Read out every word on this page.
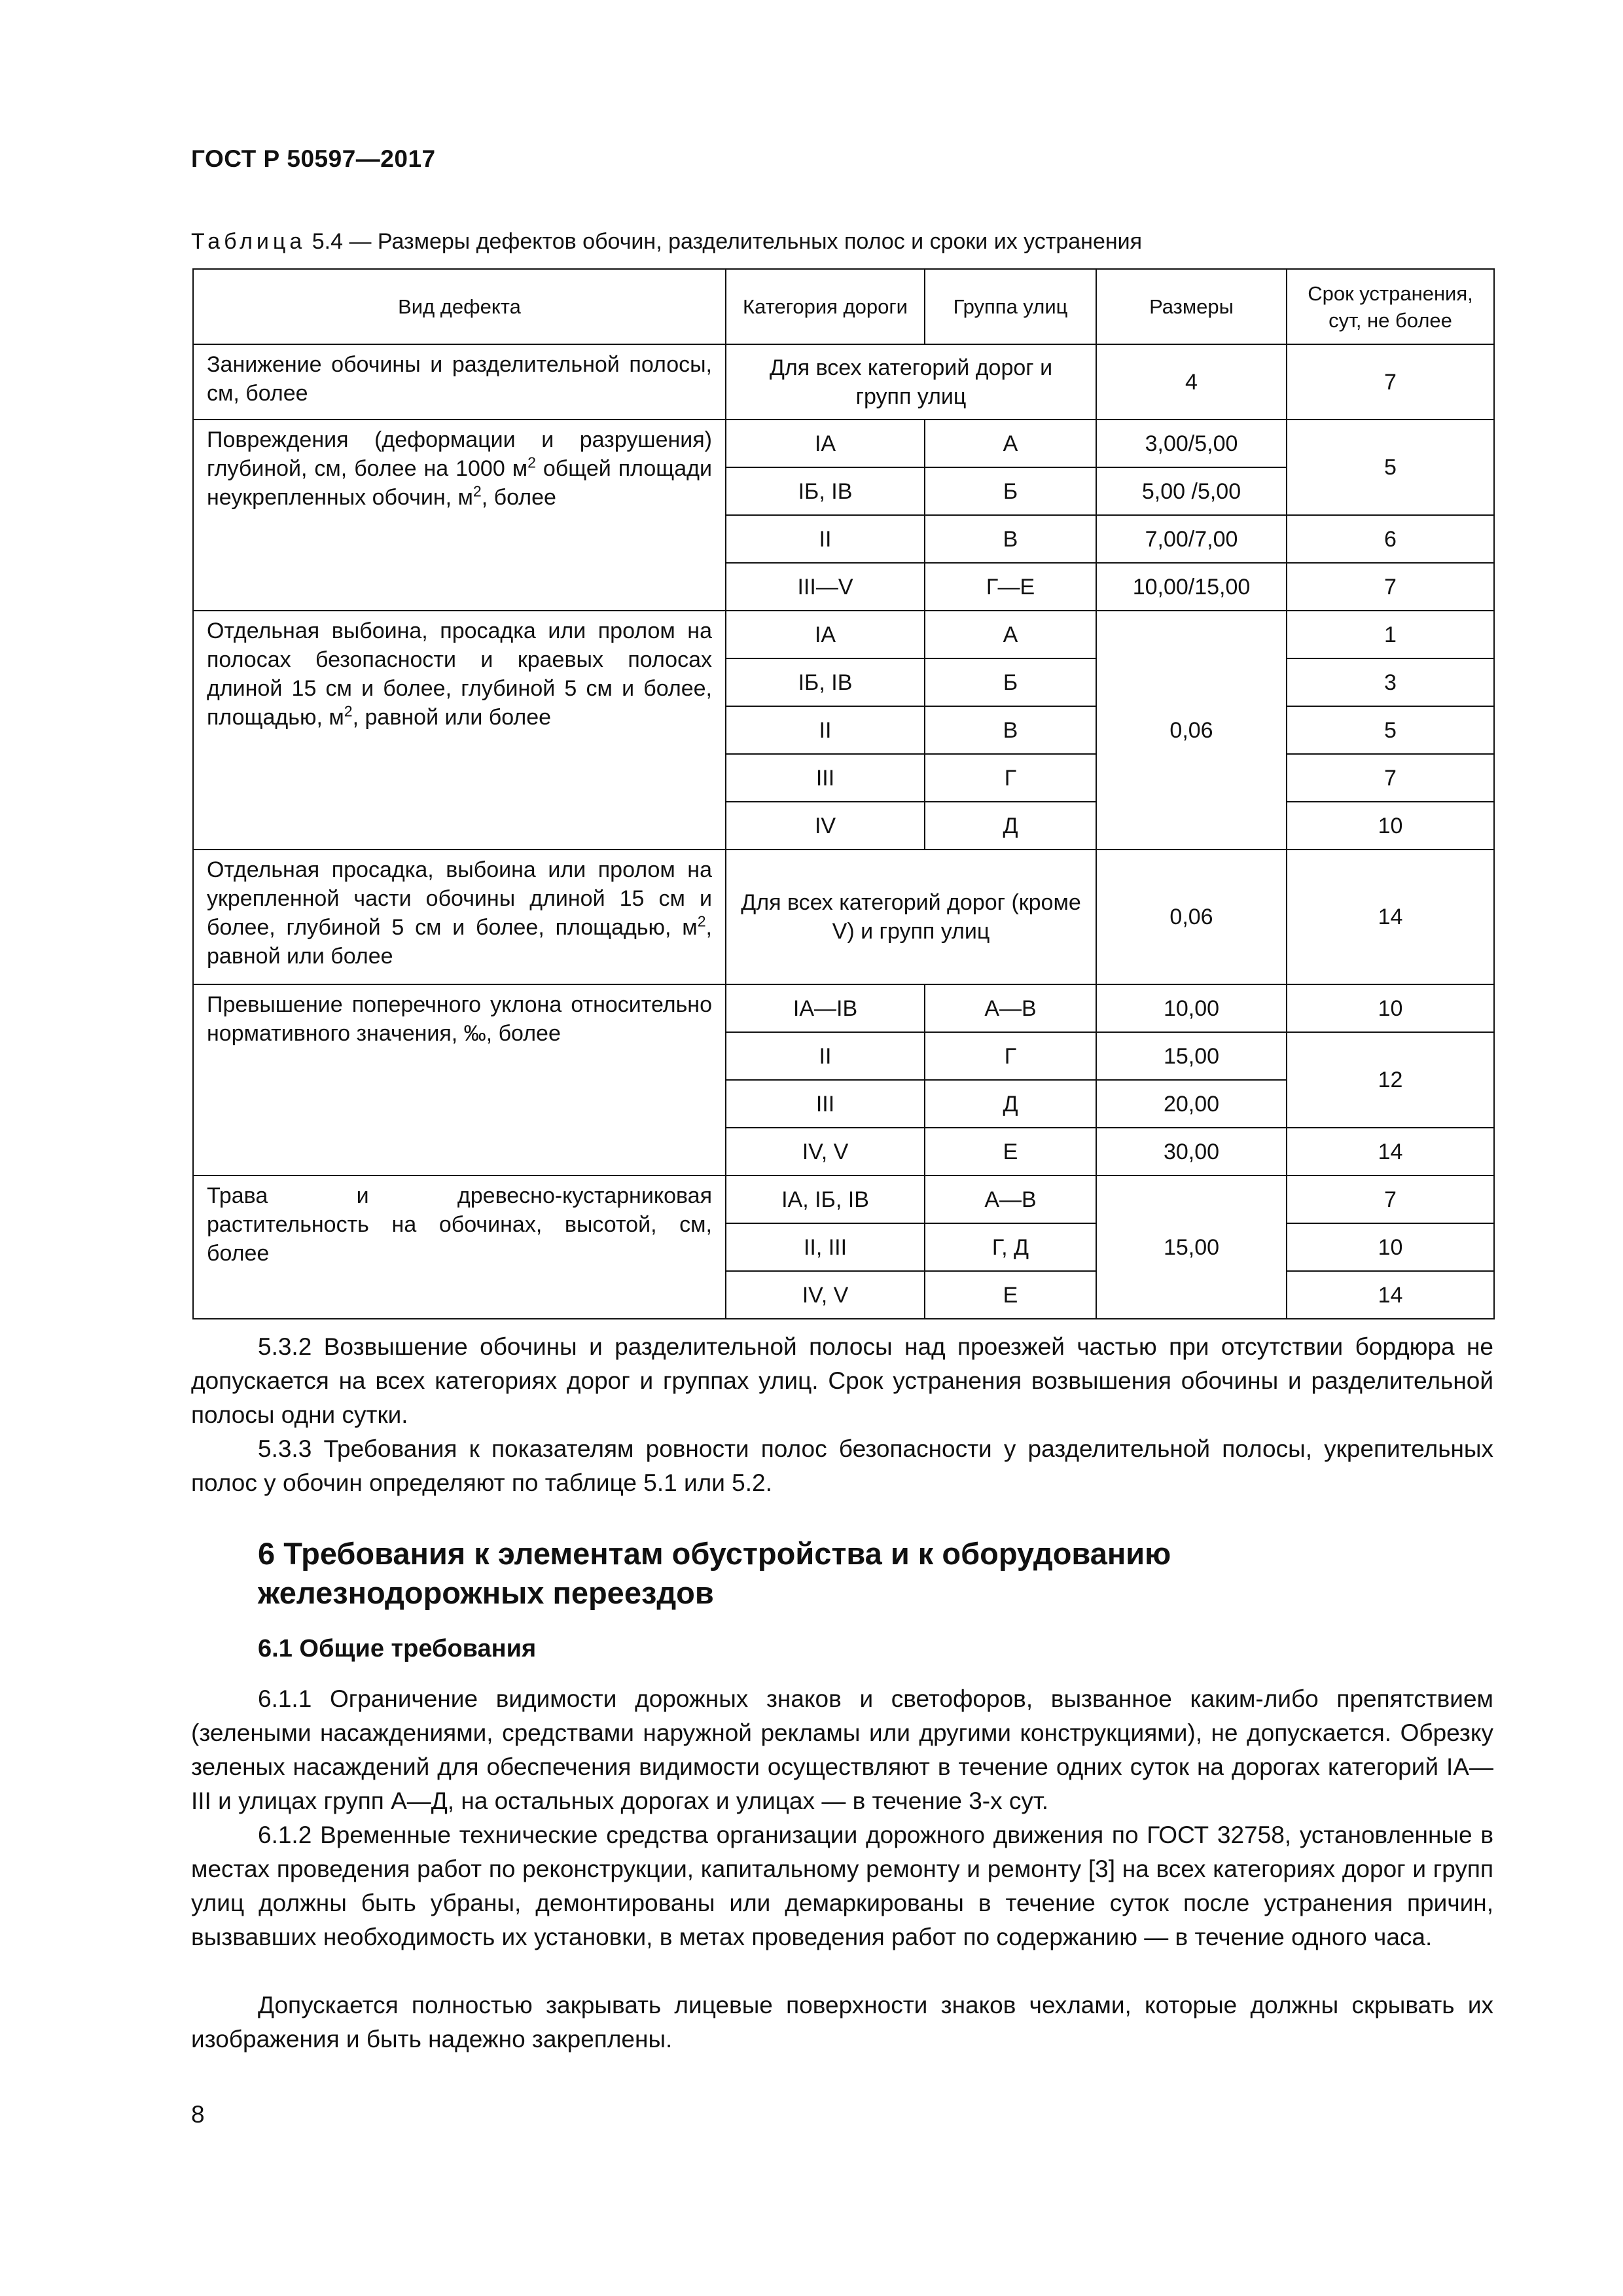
ГОСТ Р 50597—2017
Таблица 5.4 — Размеры дефектов обочин, разделительных полос и сроки их устранения
Вид дефекта	Категория дороги	Группа улиц	Размеры	Срок устранения, сут, не более
Занижение обочины и разделительной полосы, см, более	Для всех категорий дорог и групп улиц		4	7
Повреждения (деформации и разрушения) глубиной, см, более на 1000 $м^2$ общей площади неукрепленных обочин, $м^2$, более	IA	А	3,00/5,00	5
	IБ, IB	Б	5,00 /5,00	
	II	В	7,00/7,00	6
	III—V	Г—Е	10,00/15,00	7
Отдельная выбоина, просадка или пролом на полосах безопасности и краевых полосах длиной 15 см и более, глубиной 5 см и более, площадью, $м^2$, равной или более	IA	А	0,06	1
	IБ, IB	Б		3
	II	В		5
	III	Г		7
	IV	Д		10
Отдельная просадка, выбоина или пролом на укрепленной части обочины длиной 15 см и более, глубиной 5 см и более, площадью, $м^2$, равной или более	Для всех категорий дорог (кроме V) и групп улиц		0,06	14
Превышение поперечного уклона относительно нормативного значения, ‰, более	IA—IB	А—В	10,00	10
	II	Г	15,00	12
	III	Д	20,00	
	IV, V	Е	30,00	14
Трава и древесно-кустарниковая растительность на обочинах, высотой, см, более	IA, IБ, IB	А—В	15,00	7
	II, III	Г, Д		10
	IV, V	Е		14

5.3.2 Возвышение обочины и разделительной полосы над проезжей частью при отсутствии бордюра не допускается на всех категориях дорог и группах улиц. Срок устранения возвышения обочины и разделительной полосы одни сутки.

5.3.3 Требования к показателям ровности полос безопасности у разделительной полосы, укрепительных полос у обочин определяют по таблице 5.1 или 5.2.

6 Требования к элементам обустройства и к оборудованию железнодорожных переездов
6.1 Общие требования

6.1.1 Ограничение видимости дорожных знаков и светофоров, вызванное каким-либо препятствием (зелеными насаждениями, средствами наружной рекламы или другими конструкциями), не допускается. Обрезку зеленых насаждений для обеспечения видимости осуществляют в течение одних суток на дорогах категорий IA—III и улицах групп А—Д, на остальных дорогах и улицах — в течение 3-х сут.

6.1.2 Временные технические средства организации дорожного движения по ГОСТ 32758, установленные в местах проведения работ по реконструкции, капитальному ремонту и ремонту [3] на всех категориях дорог и групп улиц должны быть убраны, демонтированы или демаркированы в течение суток после устранения причин, вызвавших необходимость их установки, в метах проведения работ по содержанию — в течение одного часа.

Допускается полностью закрывать лицевые поверхности знаков чехлами, которые должны скрывать их изображения и быть надежно закреплены.

8
